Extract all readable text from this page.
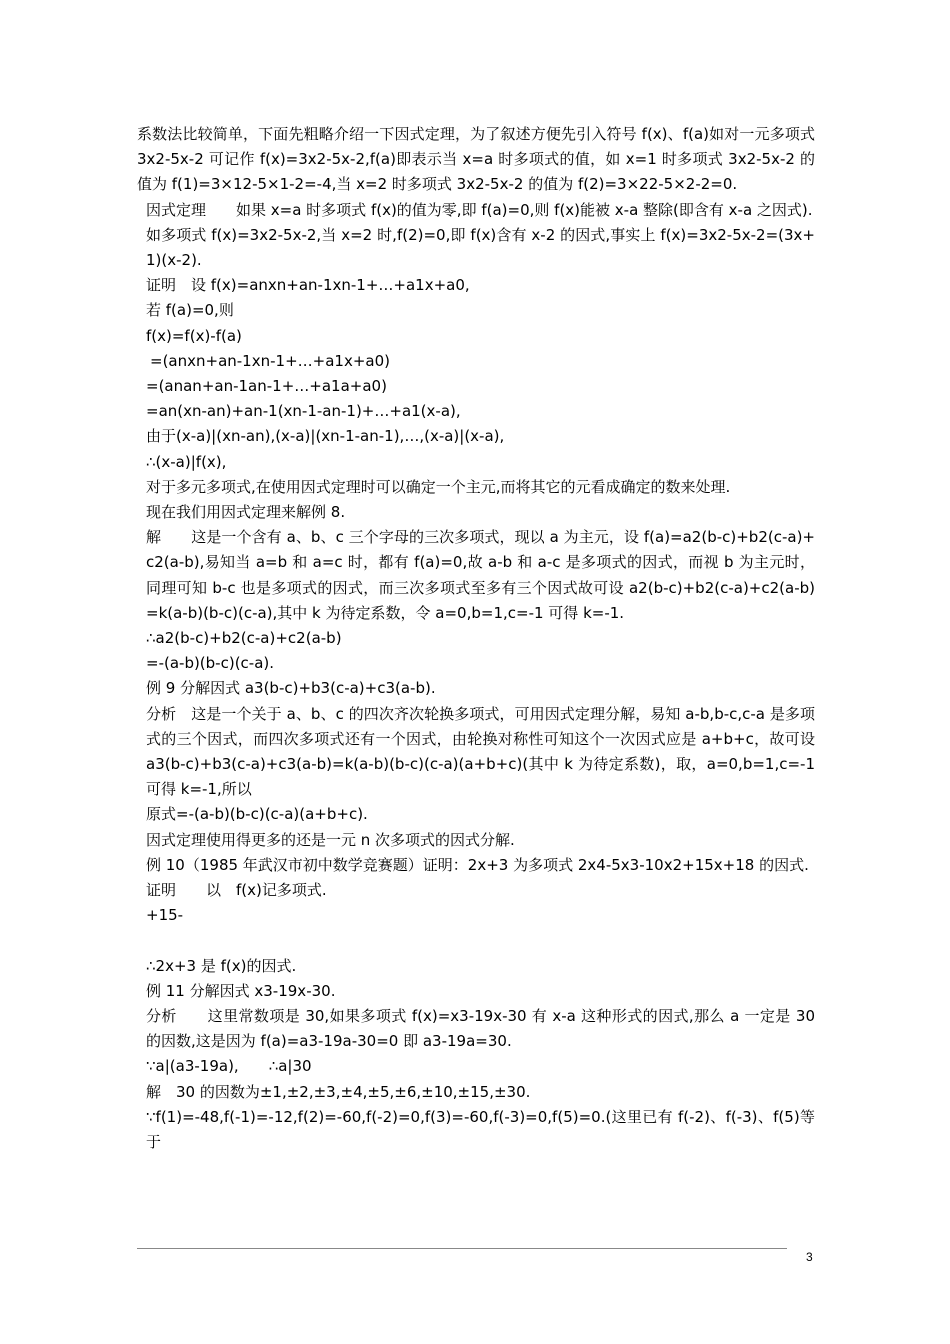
系数法比较简单，下面先粗略介绍一下因式定理，为了叙述方便先引入符号 f(x)、f(a)如对一元多项式 3x2-5x-2 可记作 f(x)=3x2-5x-2,f(a)即表示当 x=a 时多项式的值，如 x=1 时多项式 3x2-5x-2 的值为 f(1)=3×12-5×1-2=-4,当 x=2 时多项式 3x2-5x-2 的值为 f(2)=3×22-5×2-2=0.

因式定理　　如果 x=a 时多项式 f(x)的值为零,即 f(a)=0,则 f(x)能被 x-a 整除(即含有 x-a 之因式).

如多项式 f(x)=3x2-5x-2,当 x=2 时,f(2)=0,即 f(x)含有 x-2 的因式,事实上 f(x)=3x2-5x-2=(3x+1)(x-2).

证明　设 f(x)=anxn+an-1xn-1+…+a1x+a0,

若 f(a)=0,则

f(x)=f(x)-f(a)

=(anxn+an-1xn-1+…+a1x+a0)

=(anan+an-1an-1+…+a1a+a0)

=an(xn-an)+an-1(xn-1-an-1)+…+a1(x-a),

由于(x-a)|(xn-an),(x-a)|(xn-1-an-1),…,(x-a)|(x-a),

∴(x-a)|f(x),

对于多元多项式,在使用因式定理时可以确定一个主元,而将其它的元看成确定的数来处理.

现在我们用因式定理来解例 8.

解　　这是一个含有 a、b、c 三个字母的三次多项式，现以 a 为主元，设 f(a)=a2(b-c)+b2(c-a)+c2(a-b),易知当 a=b 和 a=c 时，都有 f(a)=0,故 a-b 和 a-c 是多项式的因式，而视 b 为主元时，同理可知 b-c 也是多项式的因式，而三次多项式至多有三个因式故可设 a2(b-c)+b2(c-a)+c2(a-b)=k(a-b)(b-c)(c-a),其中 k 为待定系数，令 a=0,b=1,c=-1 可得 k=-1.

∴a2(b-c)+b2(c-a)+c2(a-b)

=-(a-b)(b-c)(c-a).

例 9 分解因式 a3(b-c)+b3(c-a)+c3(a-b).

分析　这是一个关于 a、b、c 的四次齐次轮换多项式，可用因式定理分解，易知 a-b,b-c,c-a 是多项式的三个因式，而四次多项式还有一个因式，由轮换对称性可知这个一次因式应是 a+b+c，故可设 a3(b-c)+b3(c-a)+c3(a-b)=k(a-b)(b-c)(c-a)(a+b+c)(其中 k 为待定系数)，取，a=0,b=1,c=-1 可得 k=-1,所以

原式=-(a-b)(b-c)(c-a)(a+b+c).

因式定理使用得更多的还是一元 n 次多项式的因式分解.

例 10（1985 年武汉市初中数学竞赛题）证明：2x+3 为多项式 2x4-5x3-10x2+15x+18 的因式.

证明　　以　f(x)记多项式.

+15-

∴2x+3 是 f(x)的因式.

例 11 分解因式 x3-19x-30.

分析　　这里常数项是 30,如果多项式 f(x)=x3-19x-30 有 x-a 这种形式的因式,那么 a 一定是 30 的因数,这是因为 f(a)=a3-19a-30=0 即 a3-19a=30.

∵a|(a3-19a),　　∴a|30

解　30 的因数为±1,±2,±3,±4,±5,±6,±10,±15,±30.

∵f(1)=-48,f(-1)=-12,f(2)=-60,f(-2)=0,f(3)=-60,f(-3)=0,f(5)=0.(这里已有 f(-2)、f(-3)、f(5)等于

3
